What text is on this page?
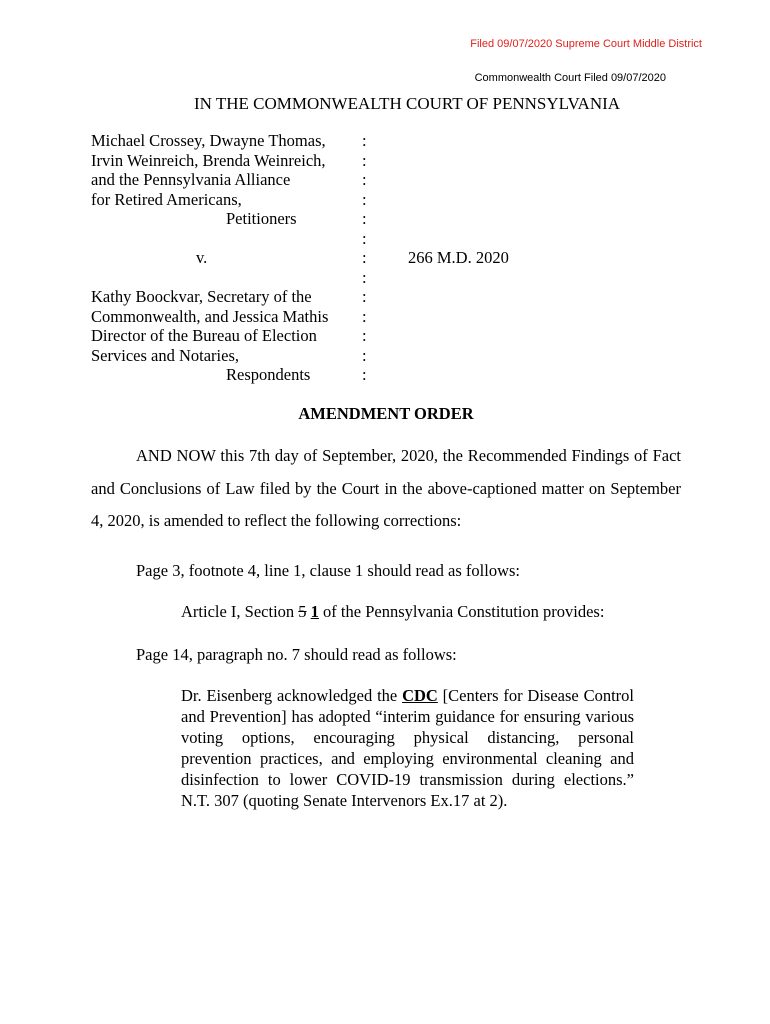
Filed 09/07/2020 Supreme Court Middle District
Commonwealth Court Filed 09/07/2020
IN THE COMMONWEALTH COURT OF PENNSYLVANIA
Michael Crossey, Dwayne Thomas,
Irvin Weinreich, Brenda Weinreich,
and the Pennsylvania Alliance
for Retired Americans,
Petitioners
v.
Kathy Boockvar, Secretary of the
Commonwealth, and Jessica Mathis
Director of the Bureau of Election
Services and Notaries,
Respondents
:
:
:
:
:
:
:
:
:
:
:
:
:
266 M.D. 2020
AMENDMENT ORDER
AND NOW this 7th day of September, 2020, the Recommended Findings of Fact and Conclusions of Law filed by the Court in the above-captioned matter on September 4, 2020, is amended to reflect the following corrections:
Page 3, footnote 4, line 1, clause 1 should read as follows:
Article I, Section 5 1 of the Pennsylvania Constitution provides:
Page 14, paragraph no. 7 should read as follows:
Dr. Eisenberg acknowledged the CDC [Centers for Disease Control and Prevention] has adopted “interim guidance for ensuring various voting options, encouraging physical distancing, personal prevention practices, and employing environmental cleaning and disinfection to lower COVID-19 transmission during elections.” N.T. 307 (quoting Senate Intervenors Ex.17 at 2).
